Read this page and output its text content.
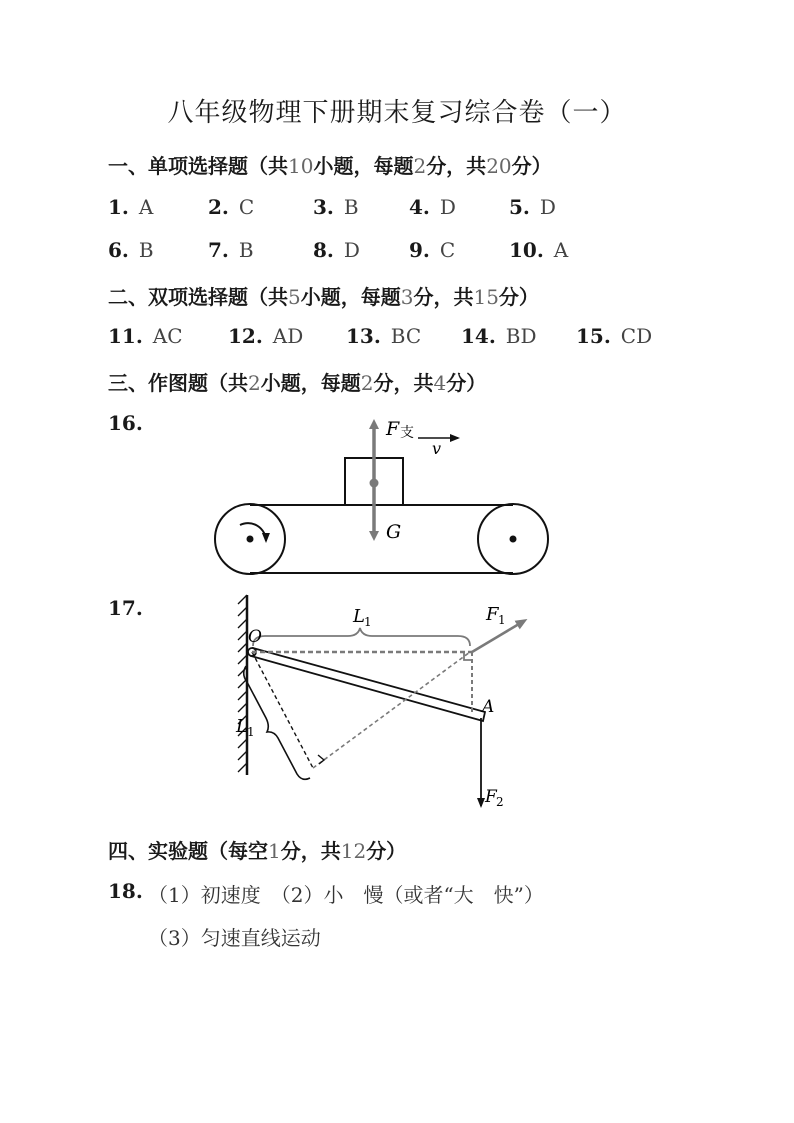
八年级物理下册期末复习综合卷（一）
一、单项选择题（共10小题，每题2分，共20分）
1. A	2. C	3. B	4. D	5. D
6. B	7. B	8. D	9. C	10. A
二、双项选择题（共5小题，每题3分，共15分）
11. AC	12. AD	13. BC	14. BD	15. CD
三、作图题（共2小题，每题2分，共4分）
16.	F 支
v
G
17.
O
A
L 1
L 1
F 1
F 2
四、实验题（每空1分，共12分）
18. （1）初速度　（2）小　慢（或者“大　快”）
（3）匀速直线运动
